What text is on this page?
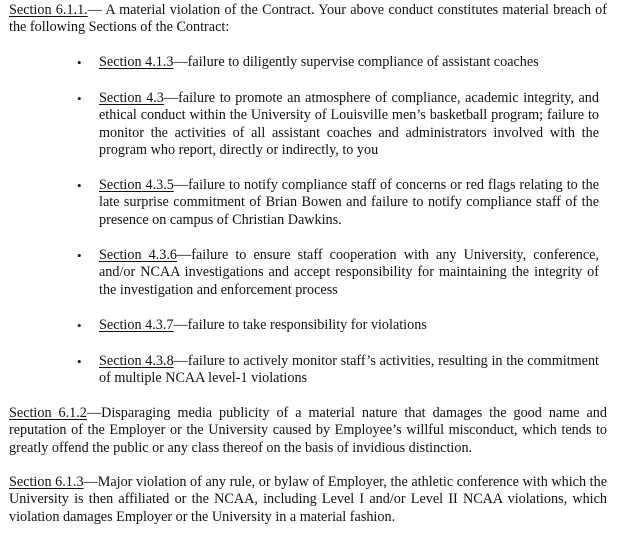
Section 6.1.1.— A material violation of the Contract. Your above conduct constitutes material breach of the following Sections of the Contract:

• Section 4.1.3—failure to diligently supervise compliance of assistant coaches

• Section 4.3—failure to promote an atmosphere of compliance, academic integrity, and ethical conduct within the University of Louisville men’s basketball program; failure to monitor the activities of all assistant coaches and administrators involved with the program who report, directly or indirectly, to you

• Section 4.3.5—failure to notify compliance staff of concerns or red flags relating to the late surprise commitment of Brian Bowen and failure to notify compliance staff of the presence on campus of Christian Dawkins.

• Section 4.3.6—failure to ensure staff cooperation with any University, conference, and/or NCAA investigations and accept responsibility for maintaining the integrity of the investigation and enforcement process

• Section 4.3.7—failure to take responsibility for violations

• Section 4.3.8—failure to actively monitor staff’s activities, resulting in the commitment of multiple NCAA level-1 violations

Section 6.1.2—Disparaging media publicity of a material nature that damages the good name and reputation of the Employer or the University caused by Employee’s willful misconduct, which tends to greatly offend the public or any class thereof on the basis of invidious distinction.

Section 6.1.3—Major violation of any rule, or bylaw of Employer, the athletic conference with which the University is then affiliated or the NCAA, including Level I and/or Level II NCAA violations, which violation damages Employer or the University in a material fashion.
